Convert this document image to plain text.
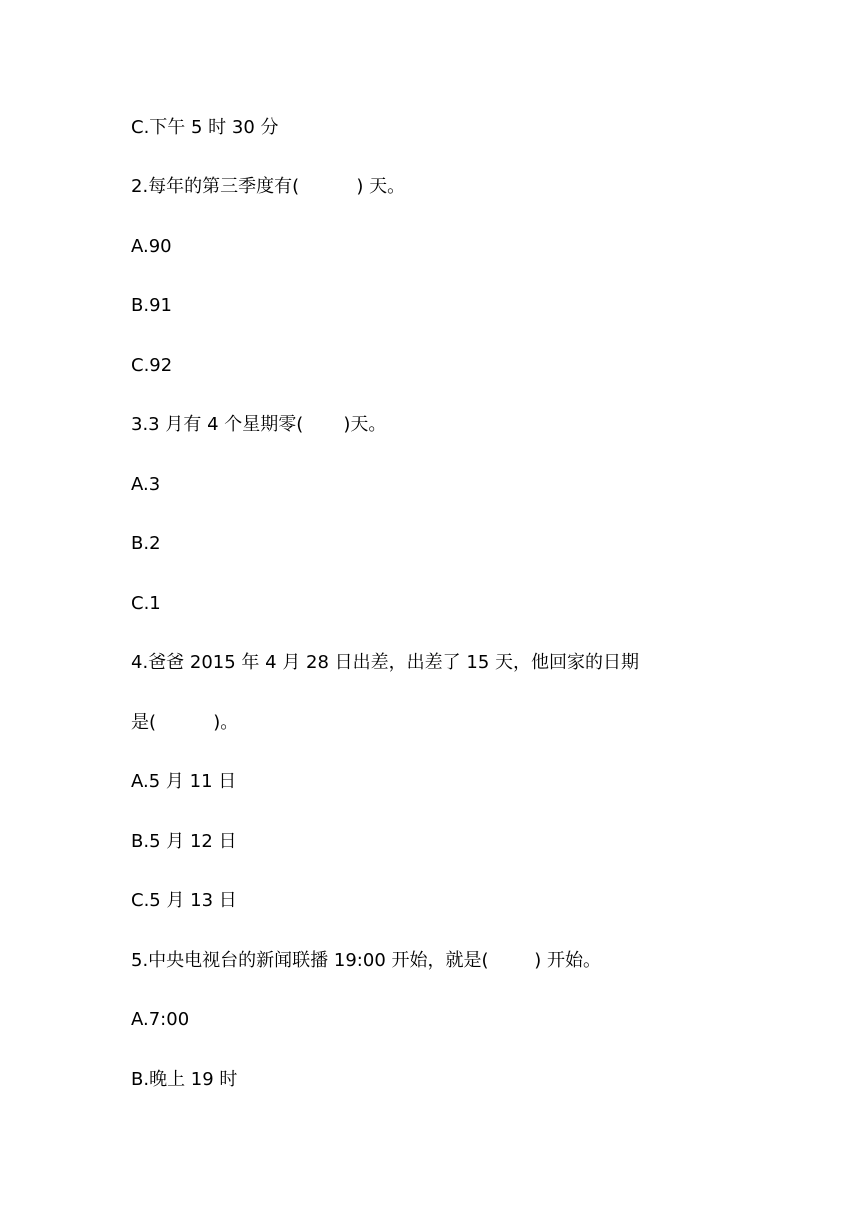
C.下午 5 时 30 分
2.每年的第三季度有(          ) 天。
A.90
B.91
C.92
3.3 月有 4 个星期零(       )天。
A.3
B.2
C.1
4.爸爸 2015 年 4 月 28 日出差，出差了 15 天，他回家的日期
是(          )。
A.5 月 11 日
B.5 月 12 日
C.5 月 13 日
5.中央电视台的新闻联播 19:00 开始，就是(        ) 开始。
A.7:00
B.晚上 19 时
